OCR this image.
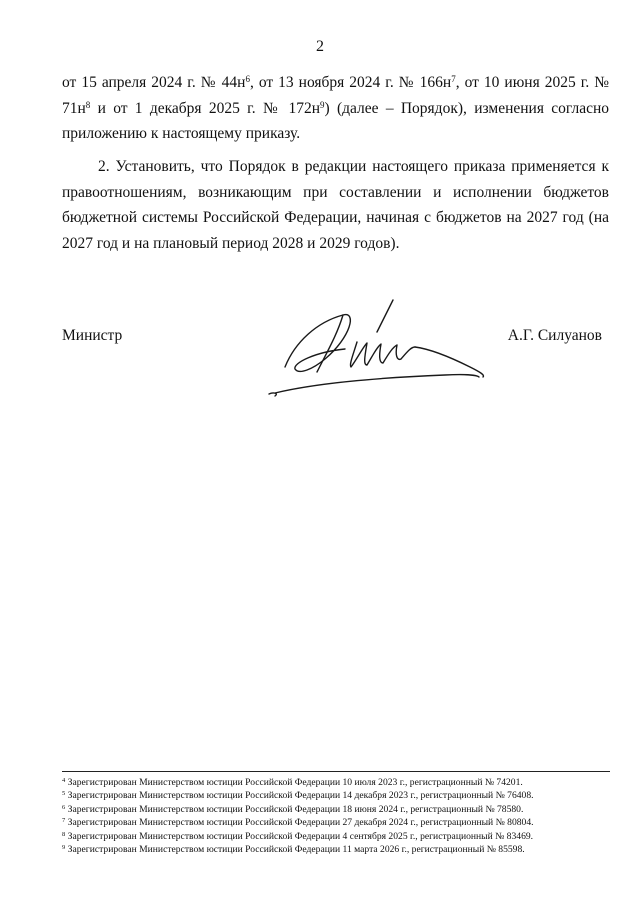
2
от 15 апреля 2024 г. № $44н^6$, от 13 ноября 2024 г. № $166н^7$, от 10 июня 2025 г. № $71н^8$ и от 1 декабря 2025 г. № $172н^9$) (далее – Порядок), изменения согласно приложению к настоящему приказу.
2. Установить, что Порядок в редакции настоящего приказа применяется к правоотношениям, возникающим при составлении и исполнении бюджетов бюджетной системы Российской Федерации, начиная с бюджетов на 2027 год (на 2027 год и на плановый период 2028 и 2029 годов).
Министр	А.Г. Силуанов
$^4$ Зарегистрирован Министерством юстиции Российской Федерации 10 июля 2023 г., регистрационный № 74201.
$^5$ Зарегистрирован Министерством юстиции Российской Федерации 14 декабря 2023 г., регистрационный № 76408.
$^6$ Зарегистрирован Министерством юстиции Российской Федерации 18 июня 2024 г., регистрационный № 78580.
$^7$ Зарегистрирован Министерством юстиции Российской Федерации 27 декабря 2024 г., регистрационный № 80804.
$^8$ Зарегистрирован Министерством юстиции Российской Федерации 4 сентября 2025 г., регистрационный № 83469.
$^9$ Зарегистрирован Министерством юстиции Российской Федерации 11 марта 2026 г., регистрационный № 85598.
